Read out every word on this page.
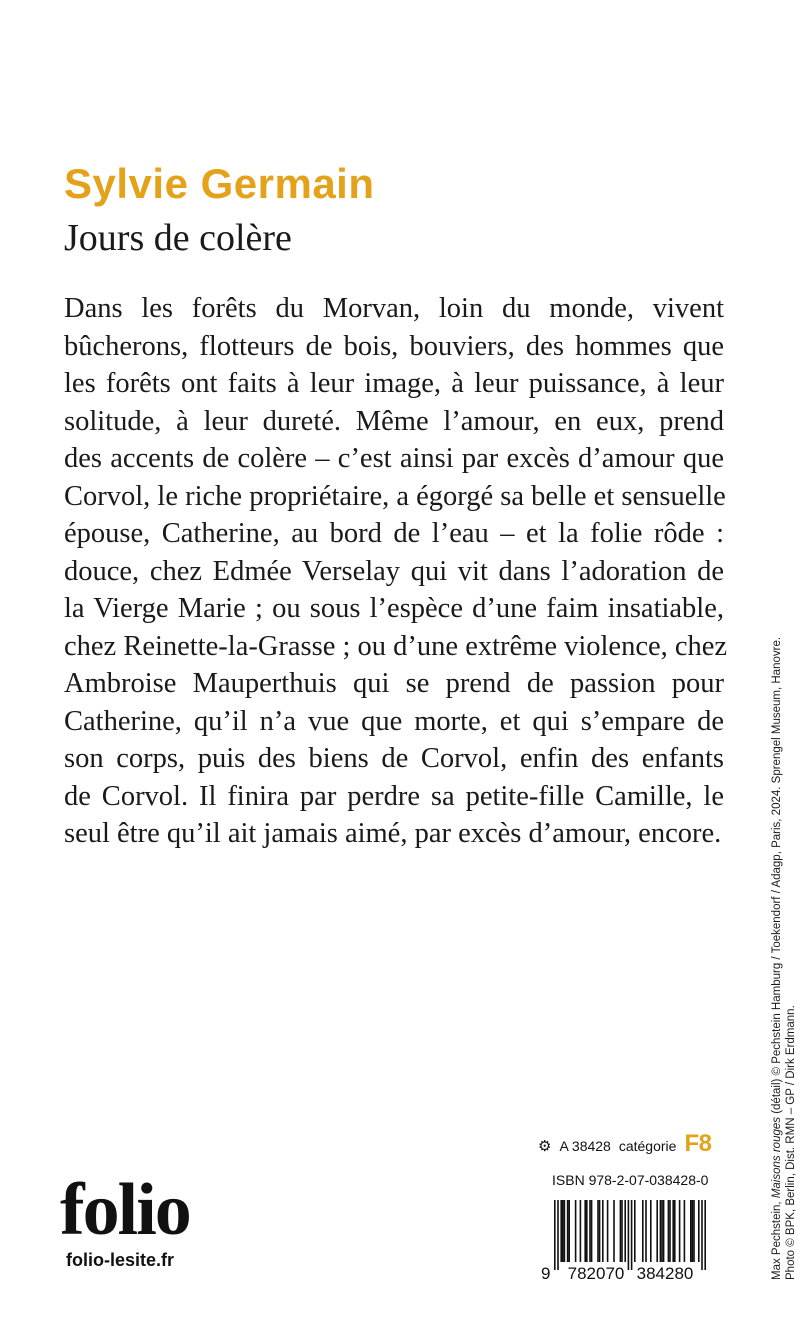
Sylvie Germain
Jours de colère
Dans les forêts du Morvan, loin du monde, vivent
bûcherons, flotteurs de bois, bouviers, des hommes que
les forêts ont faits à leur image, à leur puissance, à leur
solitude, à leur dureté. Même l’amour, en eux, prend
des accents de colère – c’est ainsi par excès d’amour que
Corvol, le riche propriétaire, a égorgé sa belle et sensuelle
épouse, Catherine, au bord de l’eau – et la folie rôde :
douce, chez Edmée Verselay qui vit dans l’adoration de
la Vierge Marie ; ou sous l’espèce d’une faim insatiable,
chez Reinette-la-Grasse ; ou d’une extrême violence, chez
Ambroise Mauperthuis qui se prend de passion pour
Catherine, qu’il n’a vue que morte, et qui s’empare de
son corps, puis des biens de Corvol, enfin des enfants
de Corvol. Il finira par perdre sa petite-fille Camille, le
seul être qu’il ait jamais aimé, par excès d’amour, encore.
Max Pechstein, Maisons rouges (détail) © Pechstein Hamburg / Toekendorf / Adagp, Paris, 2024. Sprengel Museum, Hanovre.
Photo © BPK, Berlin, Dist. RMN – GP / Dirk Erdmann.
folio
folio-lesite.fr
⚙ A 38428 catégorie F8
ISBN 978-2-07-038428-0
9 782070 384280
